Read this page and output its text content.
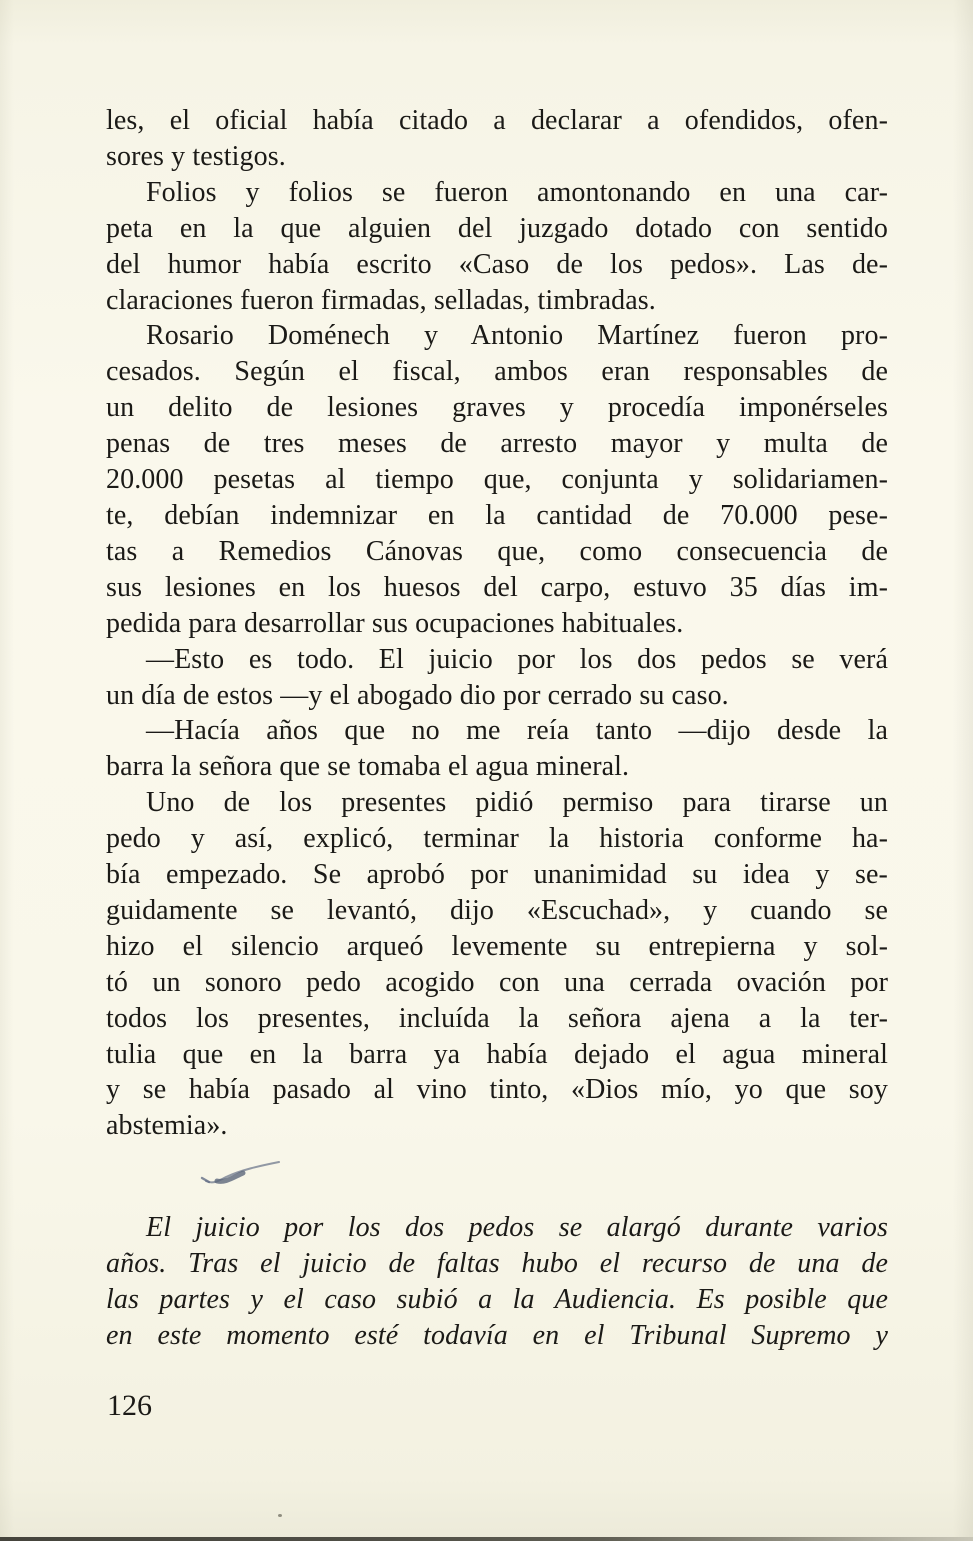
les, el oficial había citado a declarar a ofendidos, ofen-
sores y testigos.
Folios y folios se fueron amontonando en una car-
peta en la que alguien del juzgado dotado con sentido
del humor había escrito «Caso de los pedos». Las de-
claraciones fueron firmadas, selladas, timbradas.
Rosario Doménech y Antonio Martínez fueron pro-
cesados. Según el fiscal, ambos eran responsables de
un delito de lesiones graves y procedía imponérseles
penas de tres meses de arresto mayor y multa de
20.000 pesetas al tiempo que, conjunta y solidariamen-
te, debían indemnizar en la cantidad de 70.000 pese-
tas a Remedios Cánovas que, como consecuencia de
sus lesiones en los huesos del carpo, estuvo 35 días im-
pedida para desarrollar sus ocupaciones habituales.
—Esto es todo. El juicio por los dos pedos se verá
un día de estos —y el abogado dio por cerrado su caso.
—Hacía años que no me reía tanto —dijo desde la
barra la señora que se tomaba el agua mineral.
Uno de los presentes pidió permiso para tirarse un
pedo y así, explicó, terminar la historia conforme ha-
bía empezado. Se aprobó por unanimidad su idea y se-
guidamente se levantó, dijo «Escuchad», y cuando se
hizo el silencio arqueó levemente su entrepierna y sol-
tó un sonoro pedo acogido con una cerrada ovación por
todos los presentes, incluída la señora ajena a la ter-
tulia que en la barra ya había dejado el agua mineral
y se había pasado al vino tinto, «Dios mío, yo que soy
abstemia».
El juicio por los dos pedos se alargó durante varios
años. Tras el juicio de faltas hubo el recurso de una de
las partes y el caso subió a la Audiencia. Es posible que
en este momento esté todavía en el Tribunal Supremo y
126
